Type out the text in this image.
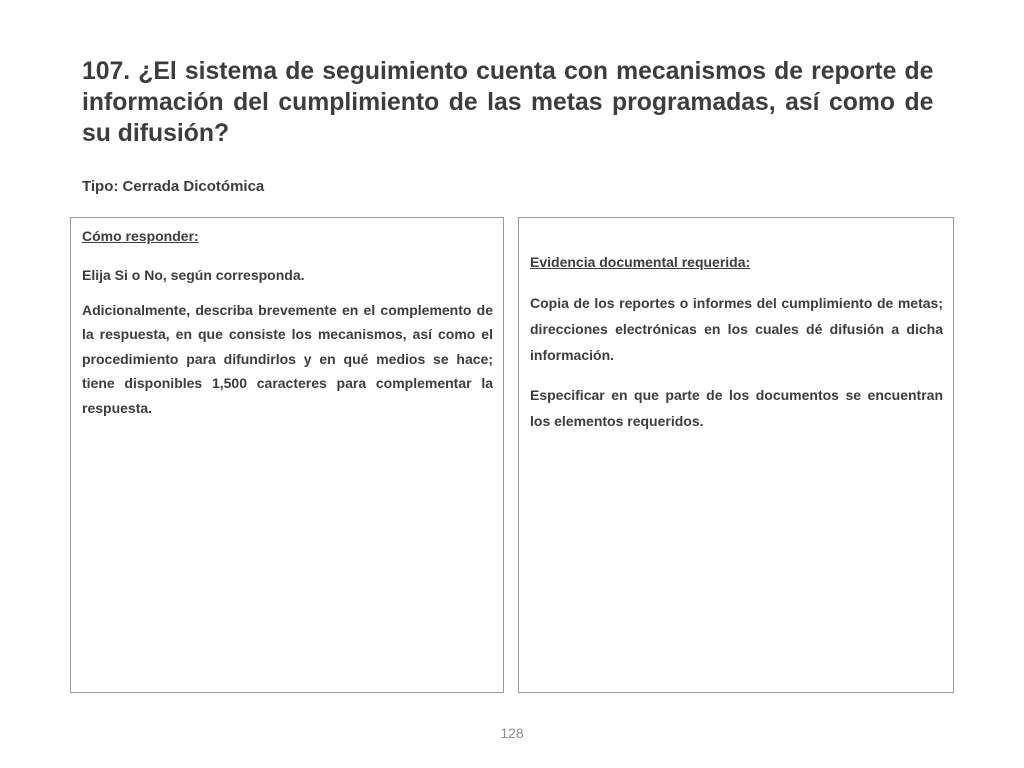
107. ¿El sistema de seguimiento cuenta con mecanismos de reporte de información del cumplimiento de las metas programadas, así como de su difusión?

Tipo: Cerrada Dicotómica

Cómo responder:

Elija Si o No, según corresponda.

Adicionalmente, describa brevemente en el complemento de la respuesta, en que consiste los mecanismos, así como el procedimiento para difundirlos y en qué medios se hace; tiene disponibles 1,500 caracteres para complementar la respuesta.

Evidencia documental requerida:

Copia de los reportes o informes del cumplimiento de metas; direcciones electrónicas en los cuales dé difusión a dicha información.

Especificar en que parte de los documentos se encuentran los elementos requeridos.

128
